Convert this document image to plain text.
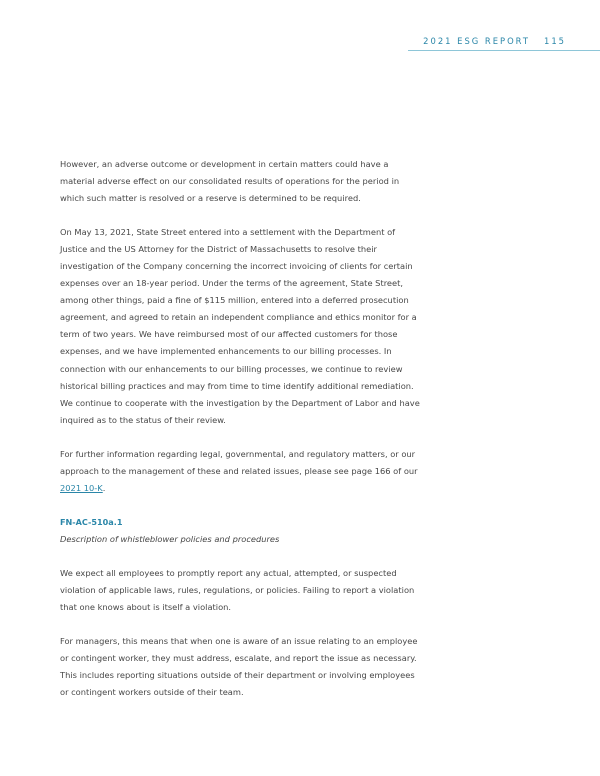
2021 ESG REPORT 115

However, an adverse outcome or development in certain matters could have a material adverse effect on our consolidated results of operations for the period in which such matter is resolved or a reserve is determined to be required.

On May 13, 2021, State Street entered into a settlement with the Department of Justice and the US Attorney for the District of Massachusetts to resolve their investigation of the Company concerning the incorrect invoicing of clients for certain expenses over an 18-year period. Under the terms of the agreement, State Street, among other things, paid a fine of $115 million, entered into a deferred prosecution agreement, and agreed to retain an independent compliance and ethics monitor for a term of two years. We have reimbursed most of our affected customers for those expenses, and we have implemented enhancements to our billing processes. In connection with our enhancements to our billing processes, we continue to review historical billing practices and may from time to time identify additional remediation. We continue to cooperate with the investigation by the Department of Labor and have inquired as to the status of their review.

For further information regarding legal, governmental, and regulatory matters, or our approach to the management of these and related issues, please see page 166 of our 2021 10-K.

FN-AC-510a.1

Description of whistleblower policies and procedures

We expect all employees to promptly report any actual, attempted, or suspected violation of applicable laws, rules, regulations, or policies. Failing to report a violation that one knows about is itself a violation.

For managers, this means that when one is aware of an issue relating to an employee or contingent worker, they must address, escalate, and report the issue as necessary. This includes reporting situations outside of their department or involving employees or contingent workers outside of their team.
